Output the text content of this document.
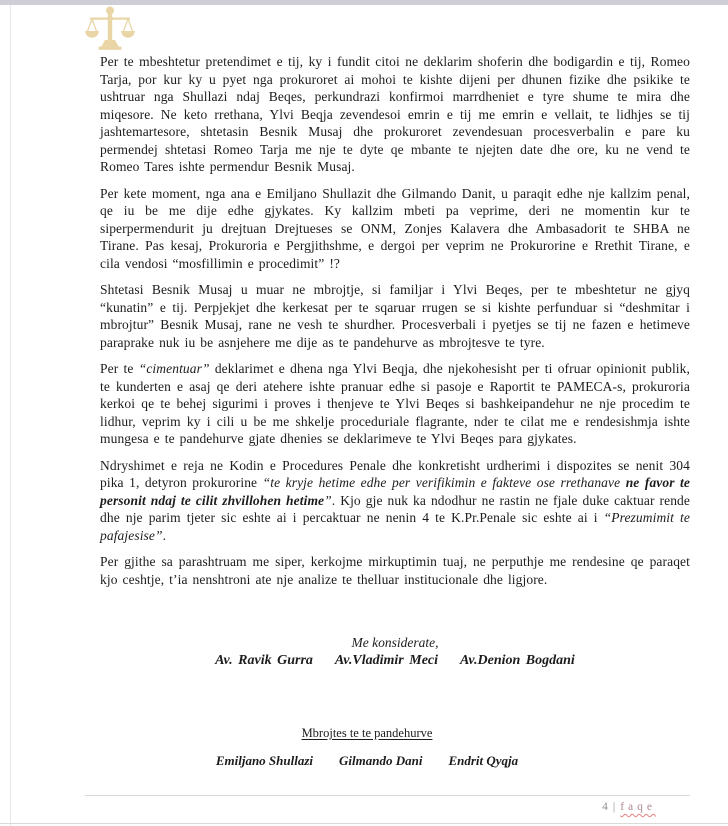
Per te mbeshtetur pretendimet e tij, ky i fundit citoi ne deklarim shoferin dhe bodigardin e tij, Romeo Tarja, por kur ky u pyet nga prokuroret ai mohoi te kishte dijeni per dhunen fizike dhe psikike te ushtruar nga Shullazi ndaj Beqes, perkundrazi konfirmoi marrdheniet e tyre shume te mira dhe miqesore. Ne keto rrethana, Ylvi Beqja zevendesoi emrin e tij me emrin e vellait, te lidhjes se tij jashtemartesore, shtetasin Besnik Musaj dhe prokuroret zevendesuan procesverbalin e pare ku permendej shtetasi Romeo Tarja me nje te dyte qe mbante te njejten date dhe ore, ku ne vend te Romeo Tares ishte permendur Besnik Musaj.

Per kete moment, nga ana e Emiljano Shullazit dhe Gilmando Danit, u paraqit edhe nje kallzim penal, qe iu be me dije edhe gjykates. Ky kallzim mbeti pa veprime, deri ne momentin kur te siperpermendurit ju drejtuan Drejtueses se ONM, Zonjes Kalavera dhe Ambasadorit te SHBA ne Tirane. Pas kesaj, Prokuroria e Pergjithshme, e dergoi per veprim ne Prokurorine e Rrethit Tirane, e cila vendosi “mosfillimin e procedimit” !?

Shtetasi Besnik Musaj u muar ne mbrojtje, si familjar i Ylvi Beqes, per te mbeshtetur ne gjyq “kunatin” e tij. Perpjekjet dhe kerkesat per te sqaruar rrugen se si kishte perfunduar si “deshmitar i mbrojtur” Besnik Musaj, rane ne vesh te shurdher. Procesverbali i pyetjes se tij ne fazen e hetimeve paraprake nuk iu be asnjehere me dije as te pandehurve as mbrojtesve te tyre.

Per te “cimentuar” deklarimet e dhena nga Ylvi Beqja, dhe njekohesisht per ti ofruar opinionit publik, te kunderten e asaj qe deri atehere ishte pranuar edhe si pasoje e Raportit te PAMECA-s, prokuroria kerkoi qe te behej sigurimi i proves i thenjeve te Ylvi Beqes si bashkeipandehur ne nje procedim te lidhur, veprim ky i cili u be me shkelje proceduriale flagrante, nder te cilat me e rendesishmja ishte mungesa e te pandehurve gjate dhenies se deklarimeve te Ylvi Beqes para gjykates.

Ndryshimet e reja ne Kodin e Procedures Penale dhe konkretisht urdherimi i dispozites se nenit 304 pika 1, detyron prokurorine “te kryje hetime edhe per verifikimin e fakteve ose rrethanave ne favor te personit ndaj te cilit zhvillohen hetime”. Kjo gje nuk ka ndodhur ne rastin ne fjale duke caktuar rende dhe nje parim tjeter sic eshte ai i percaktuar ne nenin 4 te K.Pr.Penale sic eshte ai i “Prezumimit te pafajesise”.

Per gjithe sa parashtruam me siper, kerkojme mirkuptimin tuaj, ne perputhje me rendesine qe paraqet kjo ceshtje, t’ia nenshtroni ate nje analize te thelluar institucionale dhe ligjore.

Me konsiderate,
Av. Ravik Gurra Av.Vladimir Meci Av.Denion Bogdani
Mbrojtes te te pandehurve
Emiljano Shullazi Gilmando Dani Endrit Qyqja
4 | faqe
